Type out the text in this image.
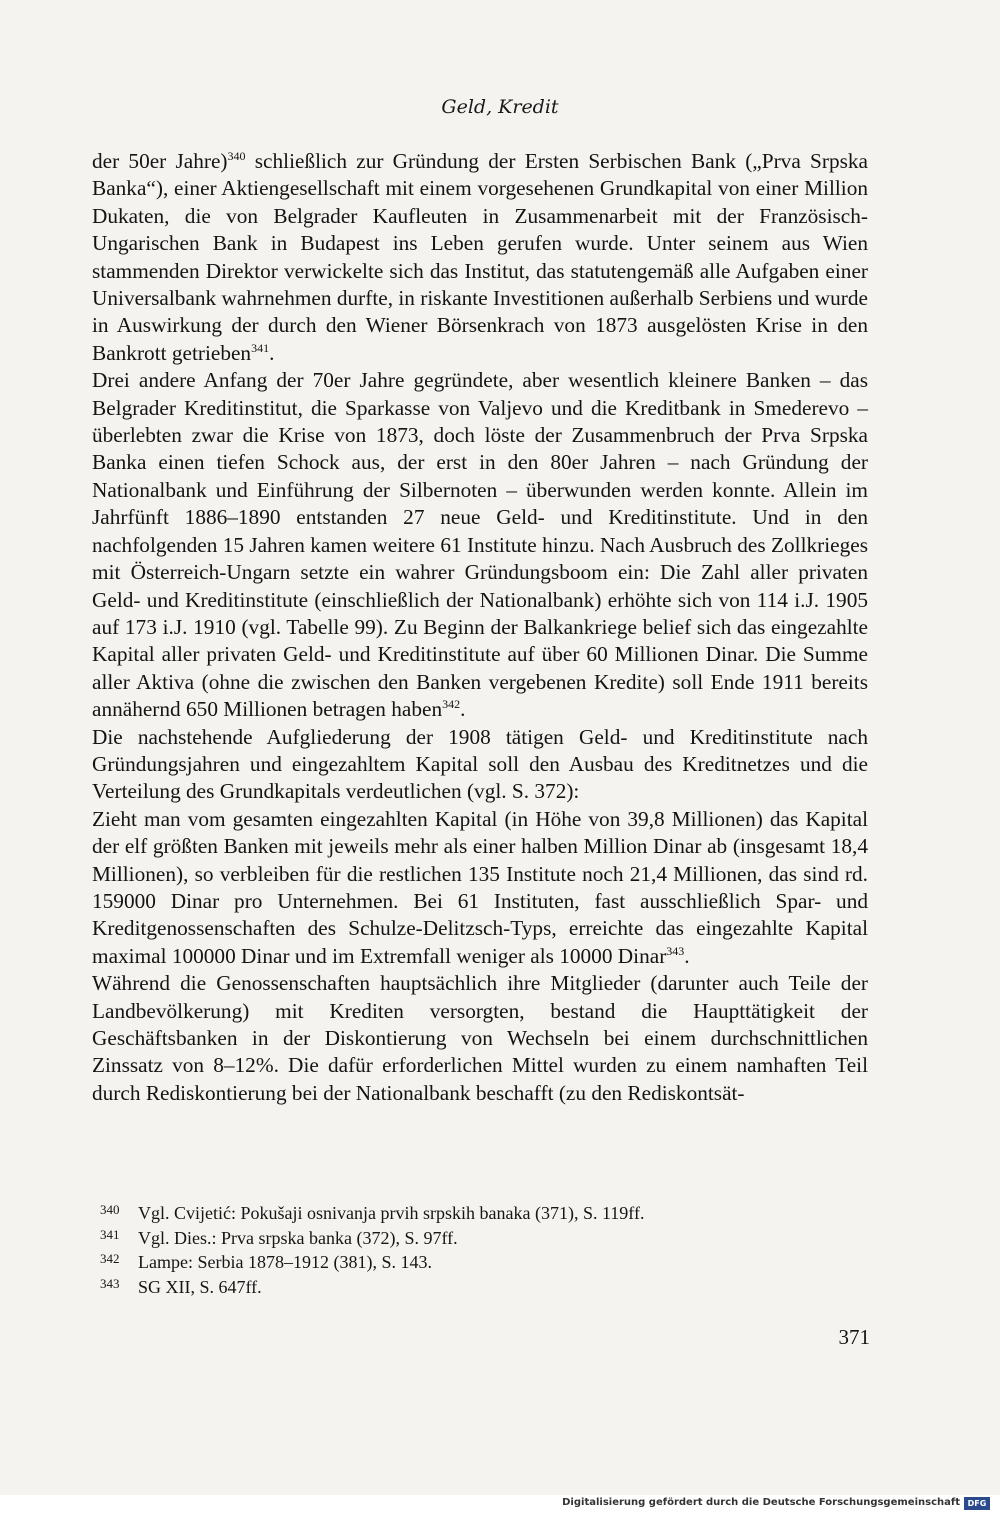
Geld, Kredit

der 50er Jahre)$^{340}$ schließlich zur Gründung der Ersten Serbischen Bank („Prva Srpska Banka“), einer Aktiengesellschaft mit einem vorgesehenen Grundkapital von einer Million Dukaten, die von Belgrader Kaufleuten in Zusammenarbeit mit der Französisch-Ungarischen Bank in Budapest ins Leben gerufen wurde. Unter seinem aus Wien stammenden Direktor verwickelte sich das Institut, das statutengemäß alle Aufgaben einer Universalbank wahrnehmen durfte, in riskante Investitionen außerhalb Serbiens und wurde in Auswirkung der durch den Wiener Börsenkrach von 1873 ausgelösten Krise in den Bankrott getrieben$^{341}$.

Drei andere Anfang der 70er Jahre gegründete, aber wesentlich kleinere Banken – das Belgrader Kreditinstitut, die Sparkasse von Valjevo und die Kreditbank in Smederevo – überlebten zwar die Krise von 1873, doch löste der Zusammenbruch der Prva Srpska Banka einen tiefen Schock aus, der erst in den 80er Jahren – nach Gründung der Nationalbank und Einführung der Silbernoten – überwunden werden konnte. Allein im Jahrfünft 1886–1890 entstanden 27 neue Geld- und Kreditinstitute. Und in den nachfolgenden 15 Jahren kamen weitere 61 Institute hinzu. Nach Ausbruch des Zollkrieges mit Österreich-Ungarn setzte ein wahrer Gründungsboom ein: Die Zahl aller privaten Geld- und Kreditinstitute (einschließlich der Nationalbank) erhöhte sich von 114 i.J. 1905 auf 173 i.J. 1910 (vgl. Tabelle 99). Zu Beginn der Balkankriege belief sich das eingezahlte Kapital aller privaten Geld- und Kreditinstitute auf über 60 Millionen Dinar. Die Summe aller Aktiva (ohne die zwischen den Banken vergebenen Kredite) soll Ende 1911 bereits annähernd 650 Millionen betragen haben$^{342}$.

Die nachstehende Aufgliederung der 1908 tätigen Geld- und Kreditinstitute nach Gründungsjahren und eingezahltem Kapital soll den Ausbau des Kreditnetzes und die Verteilung des Grundkapitals verdeutlichen (vgl. S. 372):

Zieht man vom gesamten eingezahlten Kapital (in Höhe von 39,8 Millionen) das Kapital der elf größten Banken mit jeweils mehr als einer halben Million Dinar ab (insgesamt 18,4 Millionen), so verbleiben für die restlichen 135 Institute noch 21,4 Millionen, das sind rd. 159000 Dinar pro Unternehmen. Bei 61 Instituten, fast ausschließlich Spar- und Kreditgenossenschaften des Schulze-Delitzsch-Typs, erreichte das eingezahlte Kapital maximal 100000 Dinar und im Extremfall weniger als 10000 Dinar$^{343}$.

Während die Genossenschaften hauptsächlich ihre Mitglieder (darunter auch Teile der Landbevölkerung) mit Krediten versorgten, bestand die Haupttätigkeit der Geschäftsbanken in der Diskontierung von Wechseln bei einem durchschnittlichen Zinssatz von 8–12%. Die dafür erforderlichen Mittel wurden zu einem namhaften Teil durch Rediskontierung bei der Nationalbank beschafft (zu den Rediskontsät-

340	Vgl. Cvijetić: Pokušaji osnivanja prvih srpskih banaka (371), S. 119ff.
341	Vgl. Dies.: Prva srpska banka (372), S. 97ff.
342	Lampe: Serbia 1878–1912 (381), S. 143.
343	SG XII, S. 647ff.
371
Digitalisierung gefördert durch die Deutsche Forschungsgemeinschaft DFG
